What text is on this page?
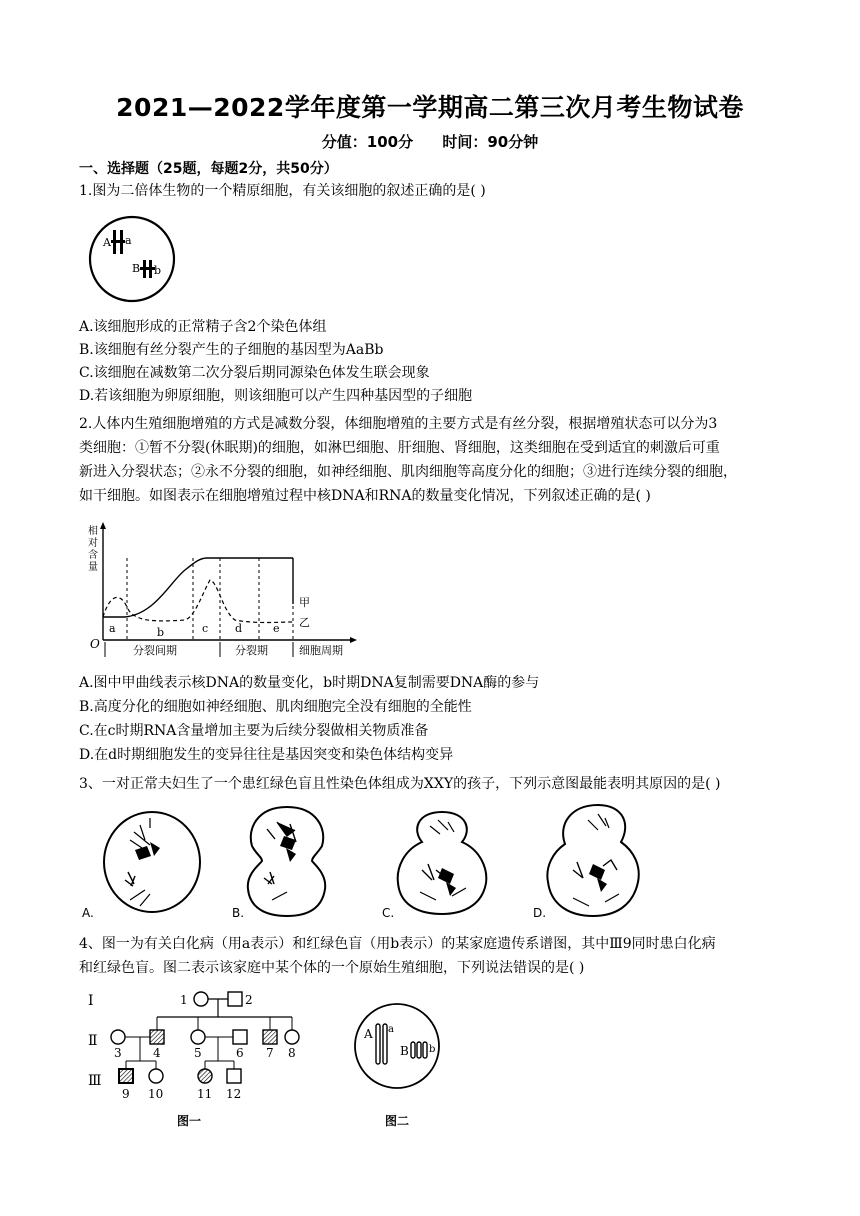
2021—2022学年度第一学期高二第三次月考生物试卷
分值：100分 时间：90分钟
一、选择题（25题，每题2分，共50分）
1.图为二倍体生物的一个精原细胞，有关该细胞的叙述正确的是( )
A a
B b
A.该细胞形成的正常精子含2个染色体组
B.该细胞有丝分裂产生的子细胞的基因型为AaBb
C.该细胞在减数第二次分裂后期同源染色体发生联会现象
D.若该细胞为卵原细胞，则该细胞可以产生四种基因型的子细胞
2.人体内生殖细胞增殖的方式是减数分裂，体细胞增殖的主要方式是有丝分裂，根据增殖状态可以分为3
类细胞：①暂不分裂(休眠期)的细胞，如淋巴细胞、肝细胞、肾细胞，这类细胞在受到适宜的刺激后可重
新进入分裂状态；②永不分裂的细胞，如神经细胞、肌肉细胞等高度分化的细胞；③进行连续分裂的细胞，
如干细胞。如图表示在细胞增殖过程中核DNA和RNA的数量变化情况，下列叙述正确的是( )
相
对
含
量
O
a	b	c d	e
甲
乙
分裂间期	分裂期	细胞周期
A.图中甲曲线表示核DNA的数量变化，b时期DNA复制需要DNA酶的参与
B.高度分化的细胞如神经细胞、肌肉细胞完全没有细胞的全能性
C.在c时期RNA含量增加主要为后续分裂做相关物质准备
D.在d时期细胞发生的变异往往是基因突变和染色体结构变异
3、一对正常夫妇生了一个患红绿色盲且性染色体组成为XXY的孩子，下列示意图最能表明其原因的是( )
A.	B.	C.	D.
4、图一为有关白化病（用a表示）和红绿色盲（用b表示）的某家庭遗传系谱图，其中Ⅲ9同时患白化病
和红绿色盲。图二表示该家庭中某个体的一个原始生殖细胞，下列说法错误的是( )
Ⅰ
Ⅱ
Ⅲ
1	2
3	4	5	6 7 8
9 10	11 12
图一
A a
B b
图二
